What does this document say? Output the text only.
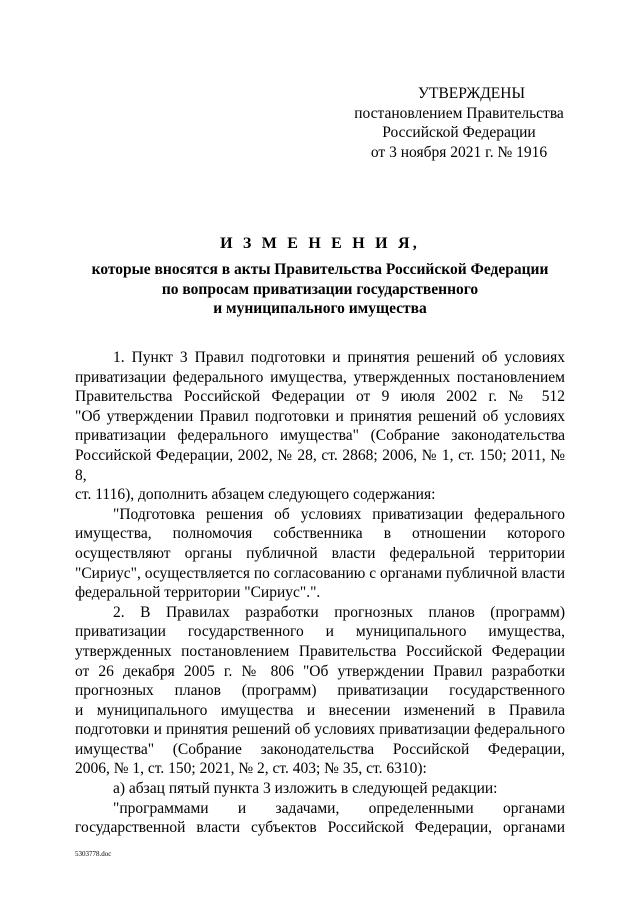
УТВЕРЖДЕНЫ
постановлением Правительства
Российской Федерации
от 3 ноября 2021 г. № 1916
И З М Е Н Е Н И Я,
которые вносятся в акты Правительства Российской Федерации
по вопросам приватизации государственного
и муниципального имущества

1. Пункт 3 Правил подготовки и принятия решений об условиях

приватизации федерального имущества, утвержденных постановлением

Правительства Российской Федерации от 9 июля 2002 г. № 512

"Об утверждении Правил подготовки и принятия решений об условиях

приватизации федерального имущества" (Собрание законодательства

Российской Федерации, 2002, № 28, ст. 2868; 2006, № 1, ст. 150; 2011, № 8,

ст. 1116), дополнить абзацем следующего содержания:

"Подготовка решения об условиях приватизации федерального

имущества, полномочия собственника в отношении которого

осуществляют органы публичной власти федеральной территории

"Сириус", осуществляется по согласованию с органами публичной власти

федеральной территории "Сириус".".

2. В Правилах разработки прогнозных планов (программ)

приватизации государственного и муниципального имущества,

утвержденных постановлением Правительства Российской Федерации

от 26 декабря 2005 г. № 806 "Об утверждении Правил разработки

прогнозных планов (программ) приватизации государственного

и муниципального имущества и внесении изменений в Правила

подготовки и принятия решений об условиях приватизации федерального

имущества" (Собрание законодательства Российской Федерации,

2006, № 1, ст. 150; 2021, № 2, ст. 403; № 35, ст. 6310):

а) абзац пятый пункта 3 изложить в следующей редакции:

"программами и задачами, определенными органами

государственной власти субъектов Российской Федерации, органами

5303778.doc
